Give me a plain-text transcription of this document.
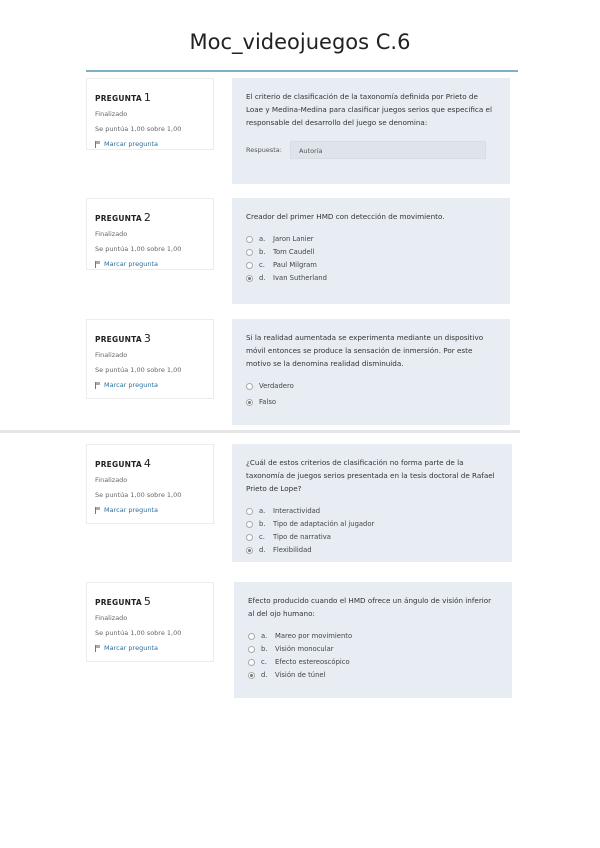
Moc_videojuegos C.6
PREGUNTA 1
Finalizado
Se puntúa 1,00 sobre 1,00
Marcar pregunta

El criterio de clasificación de la taxonomía definida por Prieto de Loae y Medina-Medina para clasificar juegos serios que especifica el responsable del desarrollo del juego se denomina:

Respuesta:	Autoría
PREGUNTA 2
Finalizado
Se puntúa 1,00 sobre 1,00
Marcar pregunta

Creador del primer HMD con detección de movimiento.

a.	Jaron Lanier
b.	Tom Caudell
c.	Paul Milgram
d.	Ivan Sutherland
PREGUNTA 3
Finalizado
Se puntúa 1,00 sobre 1,00
Marcar pregunta

Si la realidad aumentada se experimenta mediante un dispositivo móvil entonces se produce la sensación de inmersión. Por este motivo se la denomina realidad disminuida.

Verdadero
Falso
PREGUNTA 4
Finalizado
Se puntúa 1,00 sobre 1,00
Marcar pregunta

¿Cuál de estos criterios de clasificación no forma parte de la taxonomía de juegos serios presentada en la tesis doctoral de Rafael Prieto de Lope?

a.	Interactividad
b.	Tipo de adaptación al jugador
c.	Tipo de narrativa
d.	Flexibilidad
PREGUNTA 5
Finalizado
Se puntúa 1,00 sobre 1,00
Marcar pregunta

Efecto producido cuando el HMD ofrece un ángulo de visión inferior al del ojo humano:

a.	Mareo por movimiento
b.	Visión monocular
c.	Efecto estereoscópico
d.	Visión de túnel
